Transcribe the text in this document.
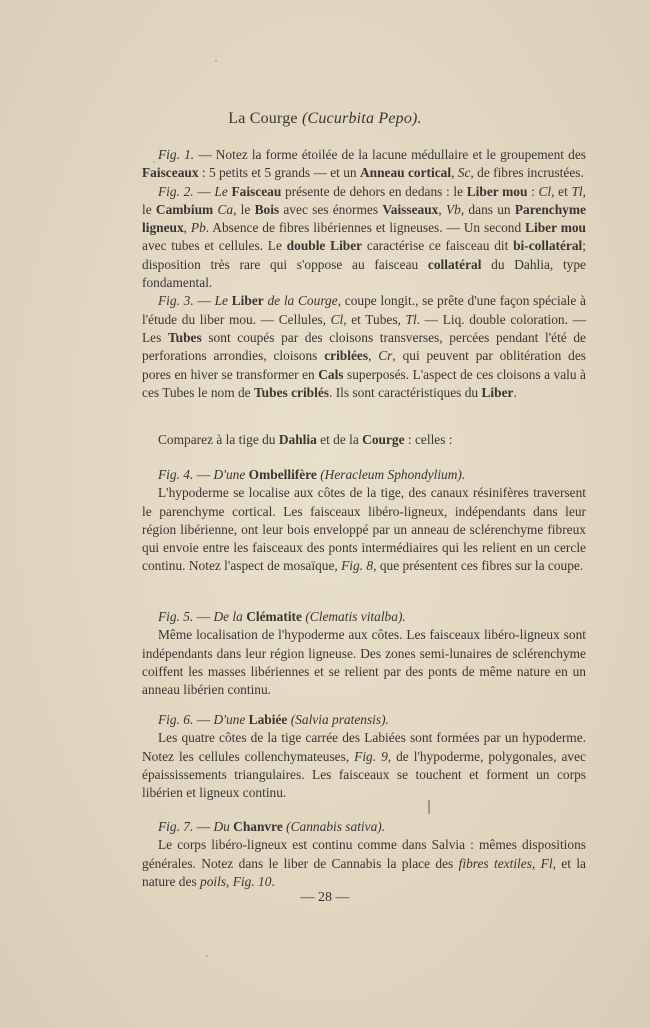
La Courge (Cucurbita Pepo).

Fig. 1. — Notez la forme étoilée de la lacune médullaire et le groupement des Faisceaux : 5 petits et 5 grands — et un Anneau cortical, Sc, de fibres incrustées.

Fig. 2. — Le Faisceau présente de dehors en dedans : le Liber mou : Cl, et Tl, le Cambium Ca, le Bois avec ses énormes Vaisseaux, Vb, dans un Parenchyme ligneux, Pb. Absence de fibres libériennes et ligneuses. — Un second Liber mou avec tubes et cellules. Le double Liber caractérise ce faisceau dit bi-collatéral; disposition très rare qui s'oppose au faisceau collatéral du Dahlia, type fondamental.

Fig. 3. — Le Liber de la Courge, coupe longit., se prête d'une façon spéciale à l'étude du liber mou. — Cellules, Cl, et Tubes, Tl. — Liq. double coloration. — Les Tubes sont coupés par des cloisons transverses, percées pendant l'été de perforations arrondies, cloisons criblées, Cr, qui peuvent par oblitération des pores en hiver se transformer en Cals superposés. L'aspect de ces cloisons a valu à ces Tubes le nom de Tubes criblés. Ils sont caractéristiques du Liber.

Comparez à la tige du Dahlia et de la Courge : celles :

Fig. 4. — D'une Ombellifère (Heracleum Sphondylium).

L'hypoderme se localise aux côtes de la tige, des canaux résinifères traversent le parenchyme cortical. Les faisceaux libéro-ligneux, indépendants dans leur région libérienne, ont leur bois enveloppé par un anneau de sclérenchyme fibreux qui envoie entre les faisceaux des ponts intermédiaires qui les relient en un cercle continu. Notez l'aspect de mosaïque, Fig. 8, que présentent ces fibres sur la coupe.

Fig. 5. — De la Clématite (Clematis vitalba).

Même localisation de l'hypoderme aux côtes. Les faisceaux libéro-ligneux sont indépendants dans leur région ligneuse. Des zones semi-lunaires de sclérenchyme coiffent les masses libériennes et se relient par des ponts de même nature en un anneau libérien continu.

Fig. 6. — D'une Labiée (Salvia pratensis).

Les quatre côtes de la tige carrée des Labiées sont formées par un hypoderme. Notez les cellules collenchymateuses, Fig. 9, de l'hypoderme, polygonales, avec épaississements triangulaires. Les faisceaux se touchent et forment un corps libérien et ligneux continu.

Fig. 7. — Du Chanvre (Cannabis sativa).

Le corps libéro-ligneux est continu comme dans Salvia : mêmes dispositions générales. Notez dans le liber de Cannabis la place des fibres textiles, Fl, et la nature des poils, Fig. 10.

— 28 —
